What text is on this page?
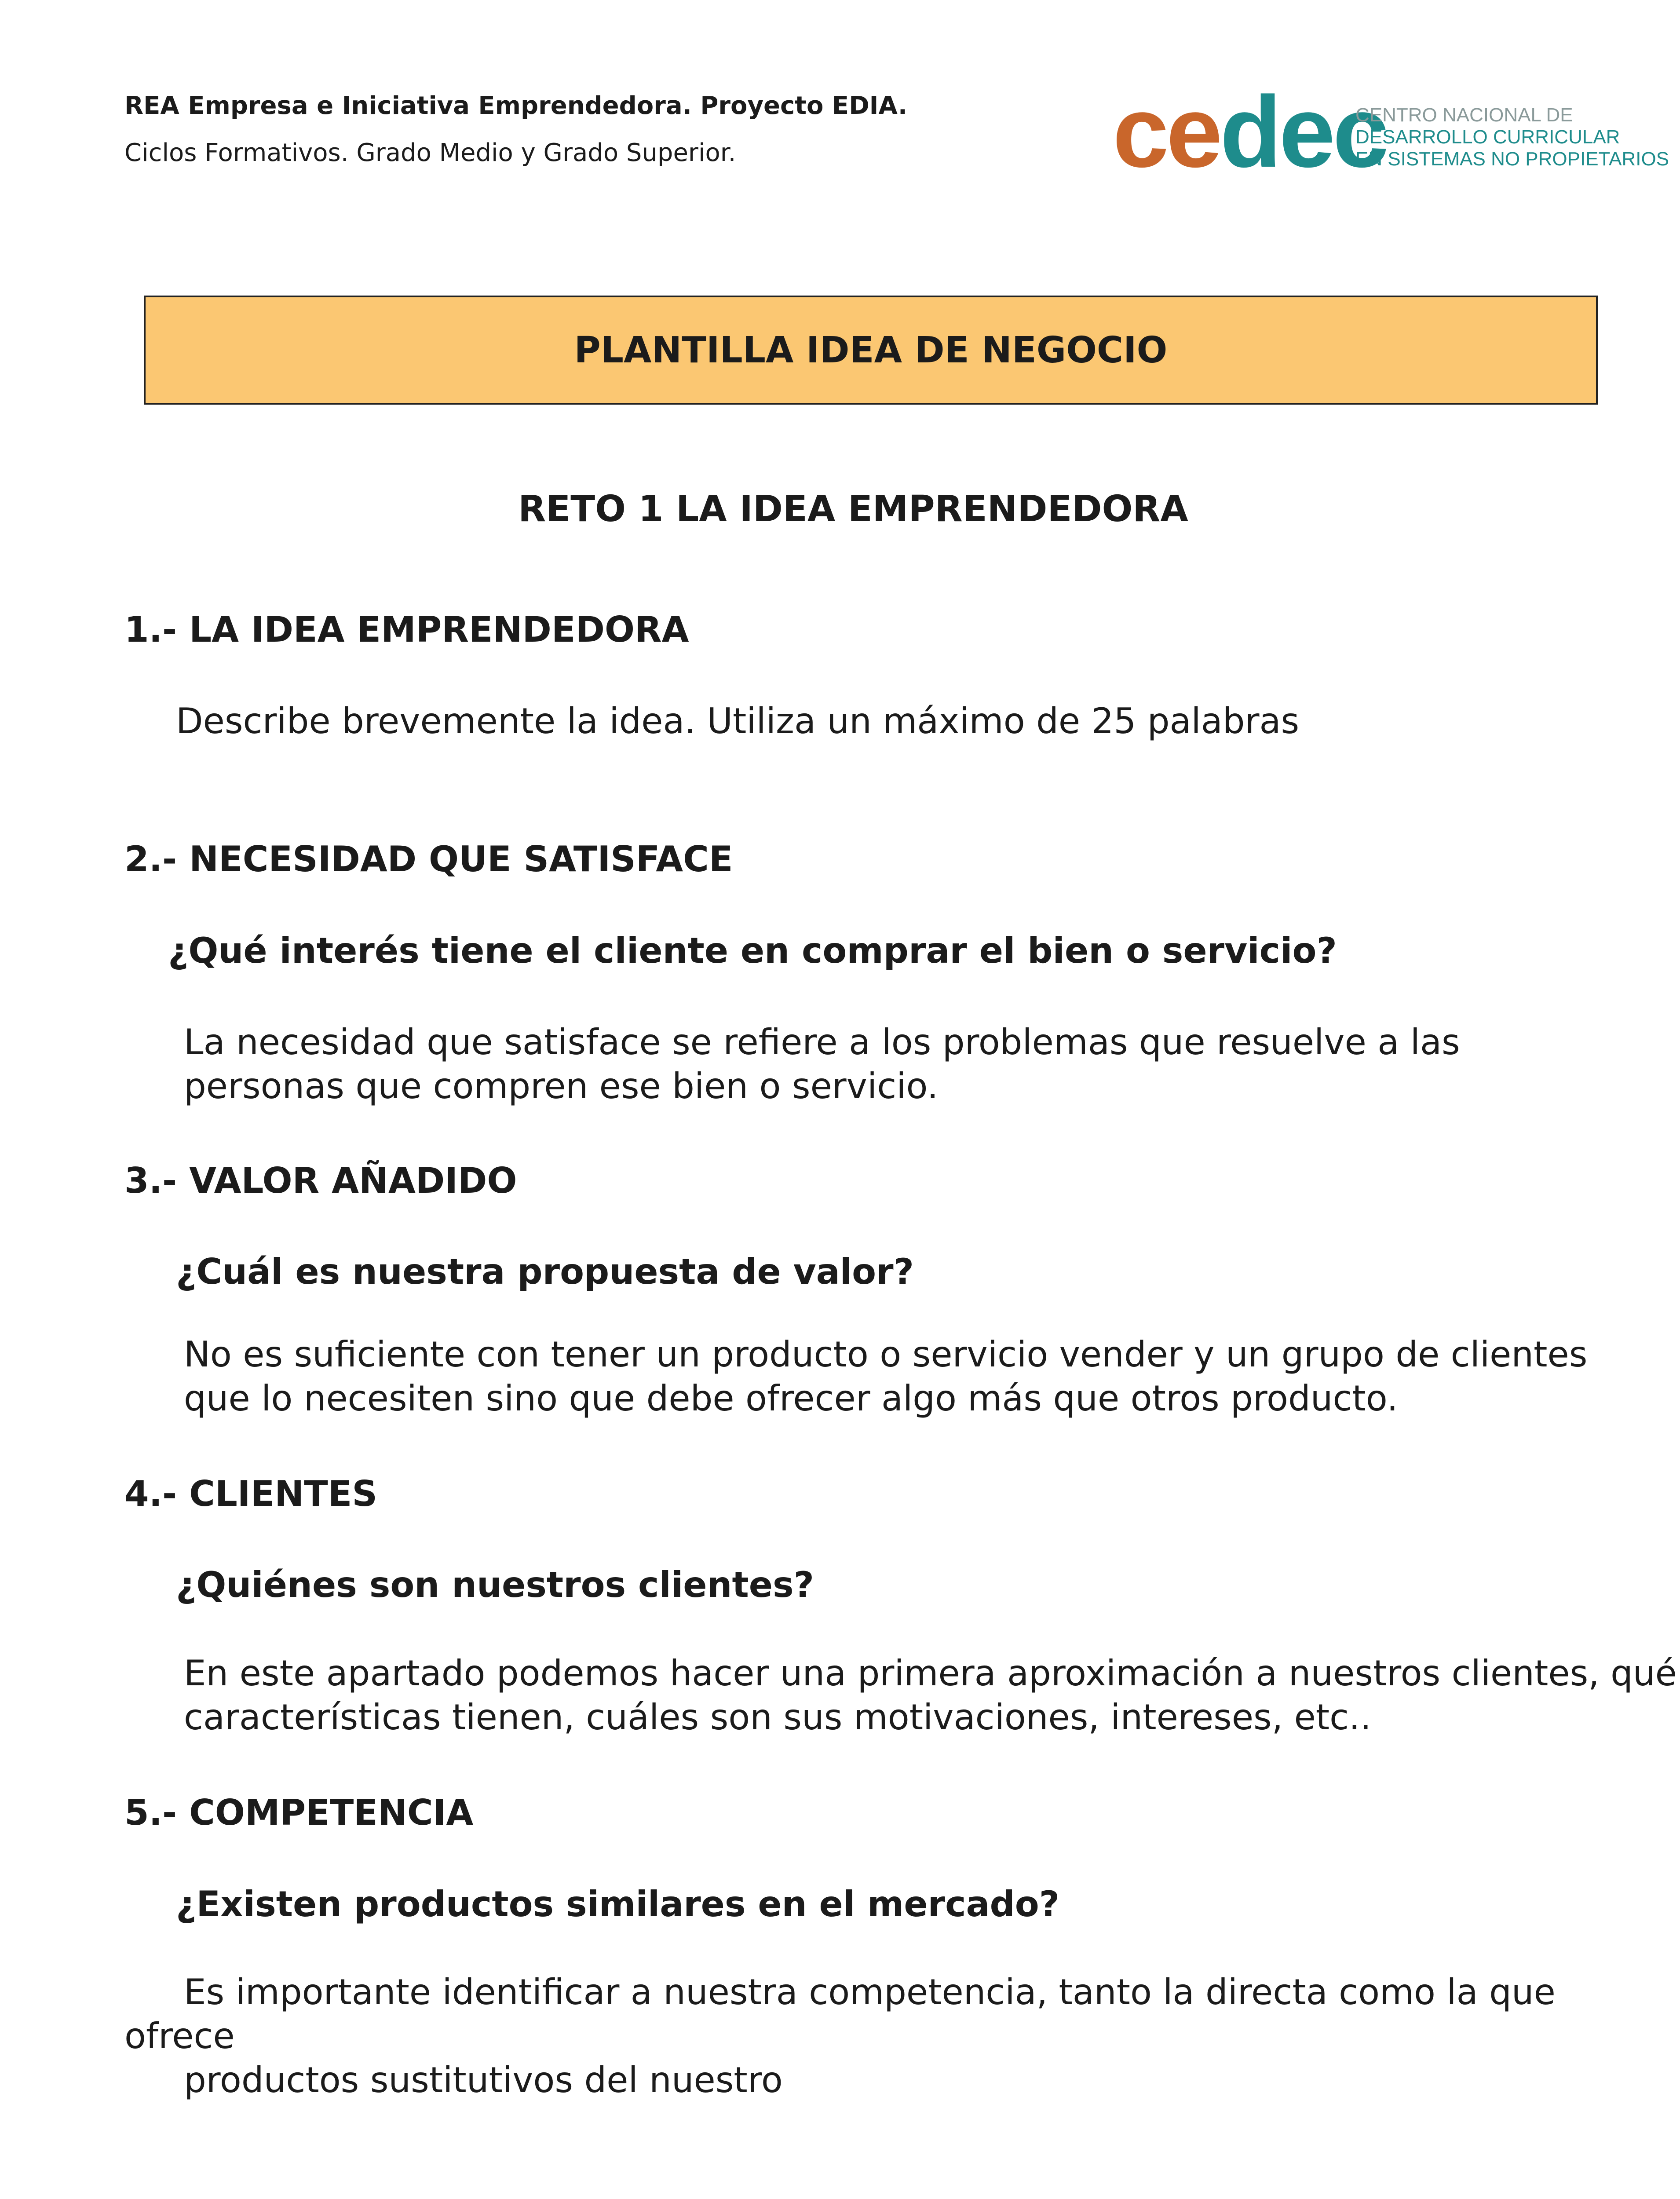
REA Empresa e Iniciativa Emprendedora. Proyecto EDIA.
Ciclos Formativos. Grado Medio y Grado Superior.	cedec
CENTRO NACIONAL DE
DESARROLLO CURRICULAR
EN SISTEMAS NO PROPIETARIOS
PLANTILLA IDEA DE NEGOCIO
RETO 1 LA IDEA EMPRENDEDORA
1.- LA IDEA EMPRENDEDORA
Describe brevemente la idea. Utiliza un máximo de 25 palabras
2.- NECESIDAD QUE SATISFACE
¿Qué interés tiene el cliente en comprar el bien o servicio?
La necesidad que satisface se refiere a los problemas que resuelve a las
personas que compren ese bien o servicio.
3.- VALOR AÑADIDO
¿Cuál es nuestra propuesta de valor?
No es suficiente con tener un producto o servicio vender y un grupo de clientes
que lo necesiten sino que debe ofrecer algo más que otros producto.
4.- CLIENTES
¿Quiénes son nuestros clientes?
En este apartado podemos hacer una primera aproximación a nuestros clientes, qué
características tienen, cuáles son sus motivaciones, intereses, etc..
5.- COMPETENCIA
¿Existen productos similares en el mercado?
Es importante identificar a nuestra competencia, tanto la directa como la que
ofrece
productos sustitutivos del nuestro
